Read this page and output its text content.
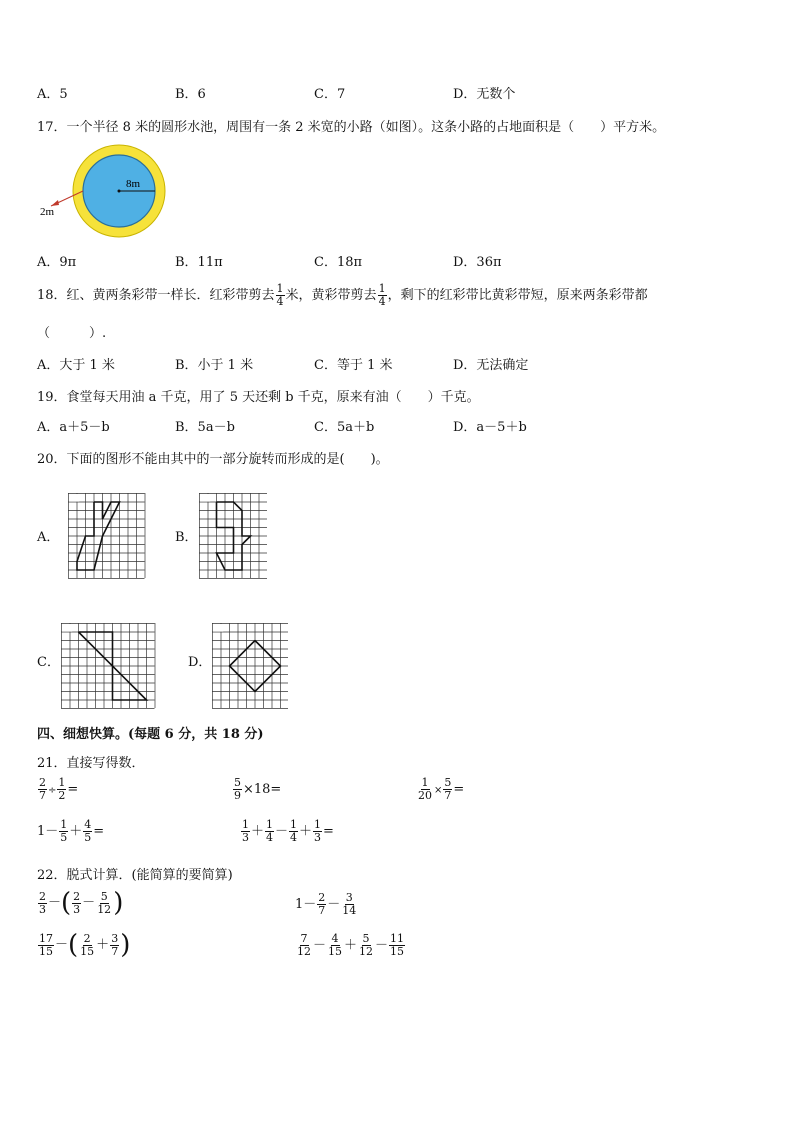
A．5	B．6	C．7	D．无数个
17．一个半径 8 米的圆形水池，周围有一条 2 米宽的小路（如图）。这条小路的占地面积是（　　）平方米。
8m
2m
A．9π	B．11π	C．18π	D．36π
18．红、黄两条彩带一样长．红彩带剪去 $\frac{1}{4}$ 米，黄彩带剪去 $\frac{1}{4}$ ，剩下的红彩带比黄彩带短，原来两条彩带都
（　　　）.
A．大于 1 米	B．小于 1 米	C．等于 1 米	D．无法确定
19．食堂每天用油 a 千克，用了 5 天还剩 b 千克，原来有油（　　）千克。
A．a＋5－b	B．5a－b	C．5a＋b	D．a－5＋b
20．下面的图形不能由其中的一部分旋转而形成的是(　　)。
A．	B．
C．	D．
四、细想快算。(每题 6 分，共 18 分)
21．直接写得数．
$\frac{2}{7} \div \frac{1}{2}$ =	$\frac{5}{9} \times 18=$	$\frac{1}{20} \times \frac{5}{7}$ =
$1- \frac{1}{5} + \frac{4}{5}$ =	$\frac{1}{3} + \frac{1}{4} - \frac{1}{4} + \frac{1}{3}$ =
22．脱式计算．(能简算的要简算)
$\frac{2}{3}$ －( $\frac{2}{3} - \frac{5}{12}$ )	$1- \frac{2}{7} - \frac{3}{14}$
$\frac{17}{15}$ －( $\frac{2}{15} + \frac{3}{7}$ )	$\frac{7}{12} - \frac{4}{15} + \frac{5}{12} - \frac{11}{15}$
